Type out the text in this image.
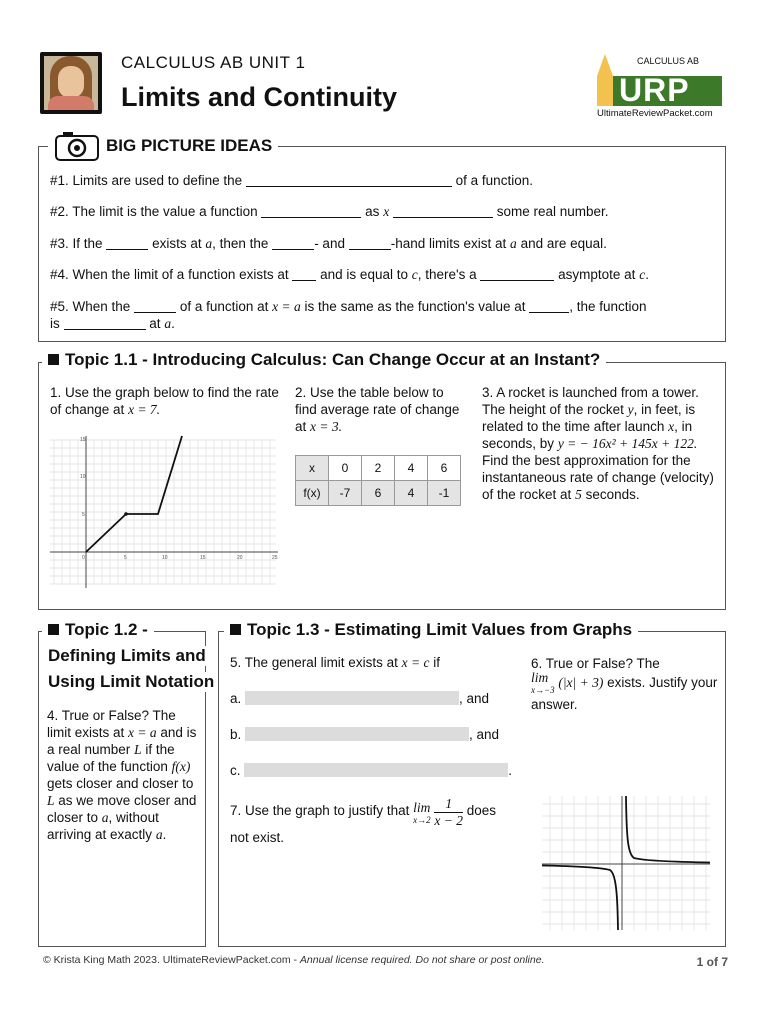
CALCULUS AB UNIT 1
Limits and Continuity
CALCULUS AB
URP
UltimateReviewPacket.com
BIG PICTURE IDEAS
#1. Limits are used to define the	of a function.
#2. The limit is the value a function	as x	some real number.
#3. If the	exists at a, then the	- and	-hand limits exist at a and are equal.
#4. When the limit of a function exists at and is equal to c, there's a	asymptote at c.
#5. When the	of a function at x = a is the same as the function's value at	, the function
is	at a.
Topic 1.1 - Introducing Calculus: Can Change Occur at an Instant?
1. Use the graph below to find the rate of change at x = 7.
15
10
5
0	5	10	15	20	25
2. Use the table below to find average rate of change at x = 3.
x	0	2	4	6
f(x)	-7	6	4	-1
3. A rocket is launched from a tower. The height of the rocket y, in feet, is related to the time after launch x, in seconds, by y = − 16x² + 145x + 122. Find the best approximation for the instantaneous rate of change (velocity) of the rocket at 5 seconds.
Topic 1.2 -
Defining Limits and
Using Limit Notation
4. True or False? The limit exists at x = a and is a real number L if the value of the function f(x) gets closer and closer to L as we move closer and closer to a, without arriving at exactly a.
Topic 1.3 - Estimating Limit Values from Graphs
5. The general limit exists at x = c if
a.	, and
b.	, and
c.	.
6. True or False? The
lim
x→−3 (|x| + 3) exists. Justify your answer.
7. Use the graph to justify that lim
$x\to 2 \frac{1}{x - 2}$ does
not exist.
© Krista King Math 2023. UltimateReviewPacket.com - Annual license required. Do not share or post online.	1 of 7
